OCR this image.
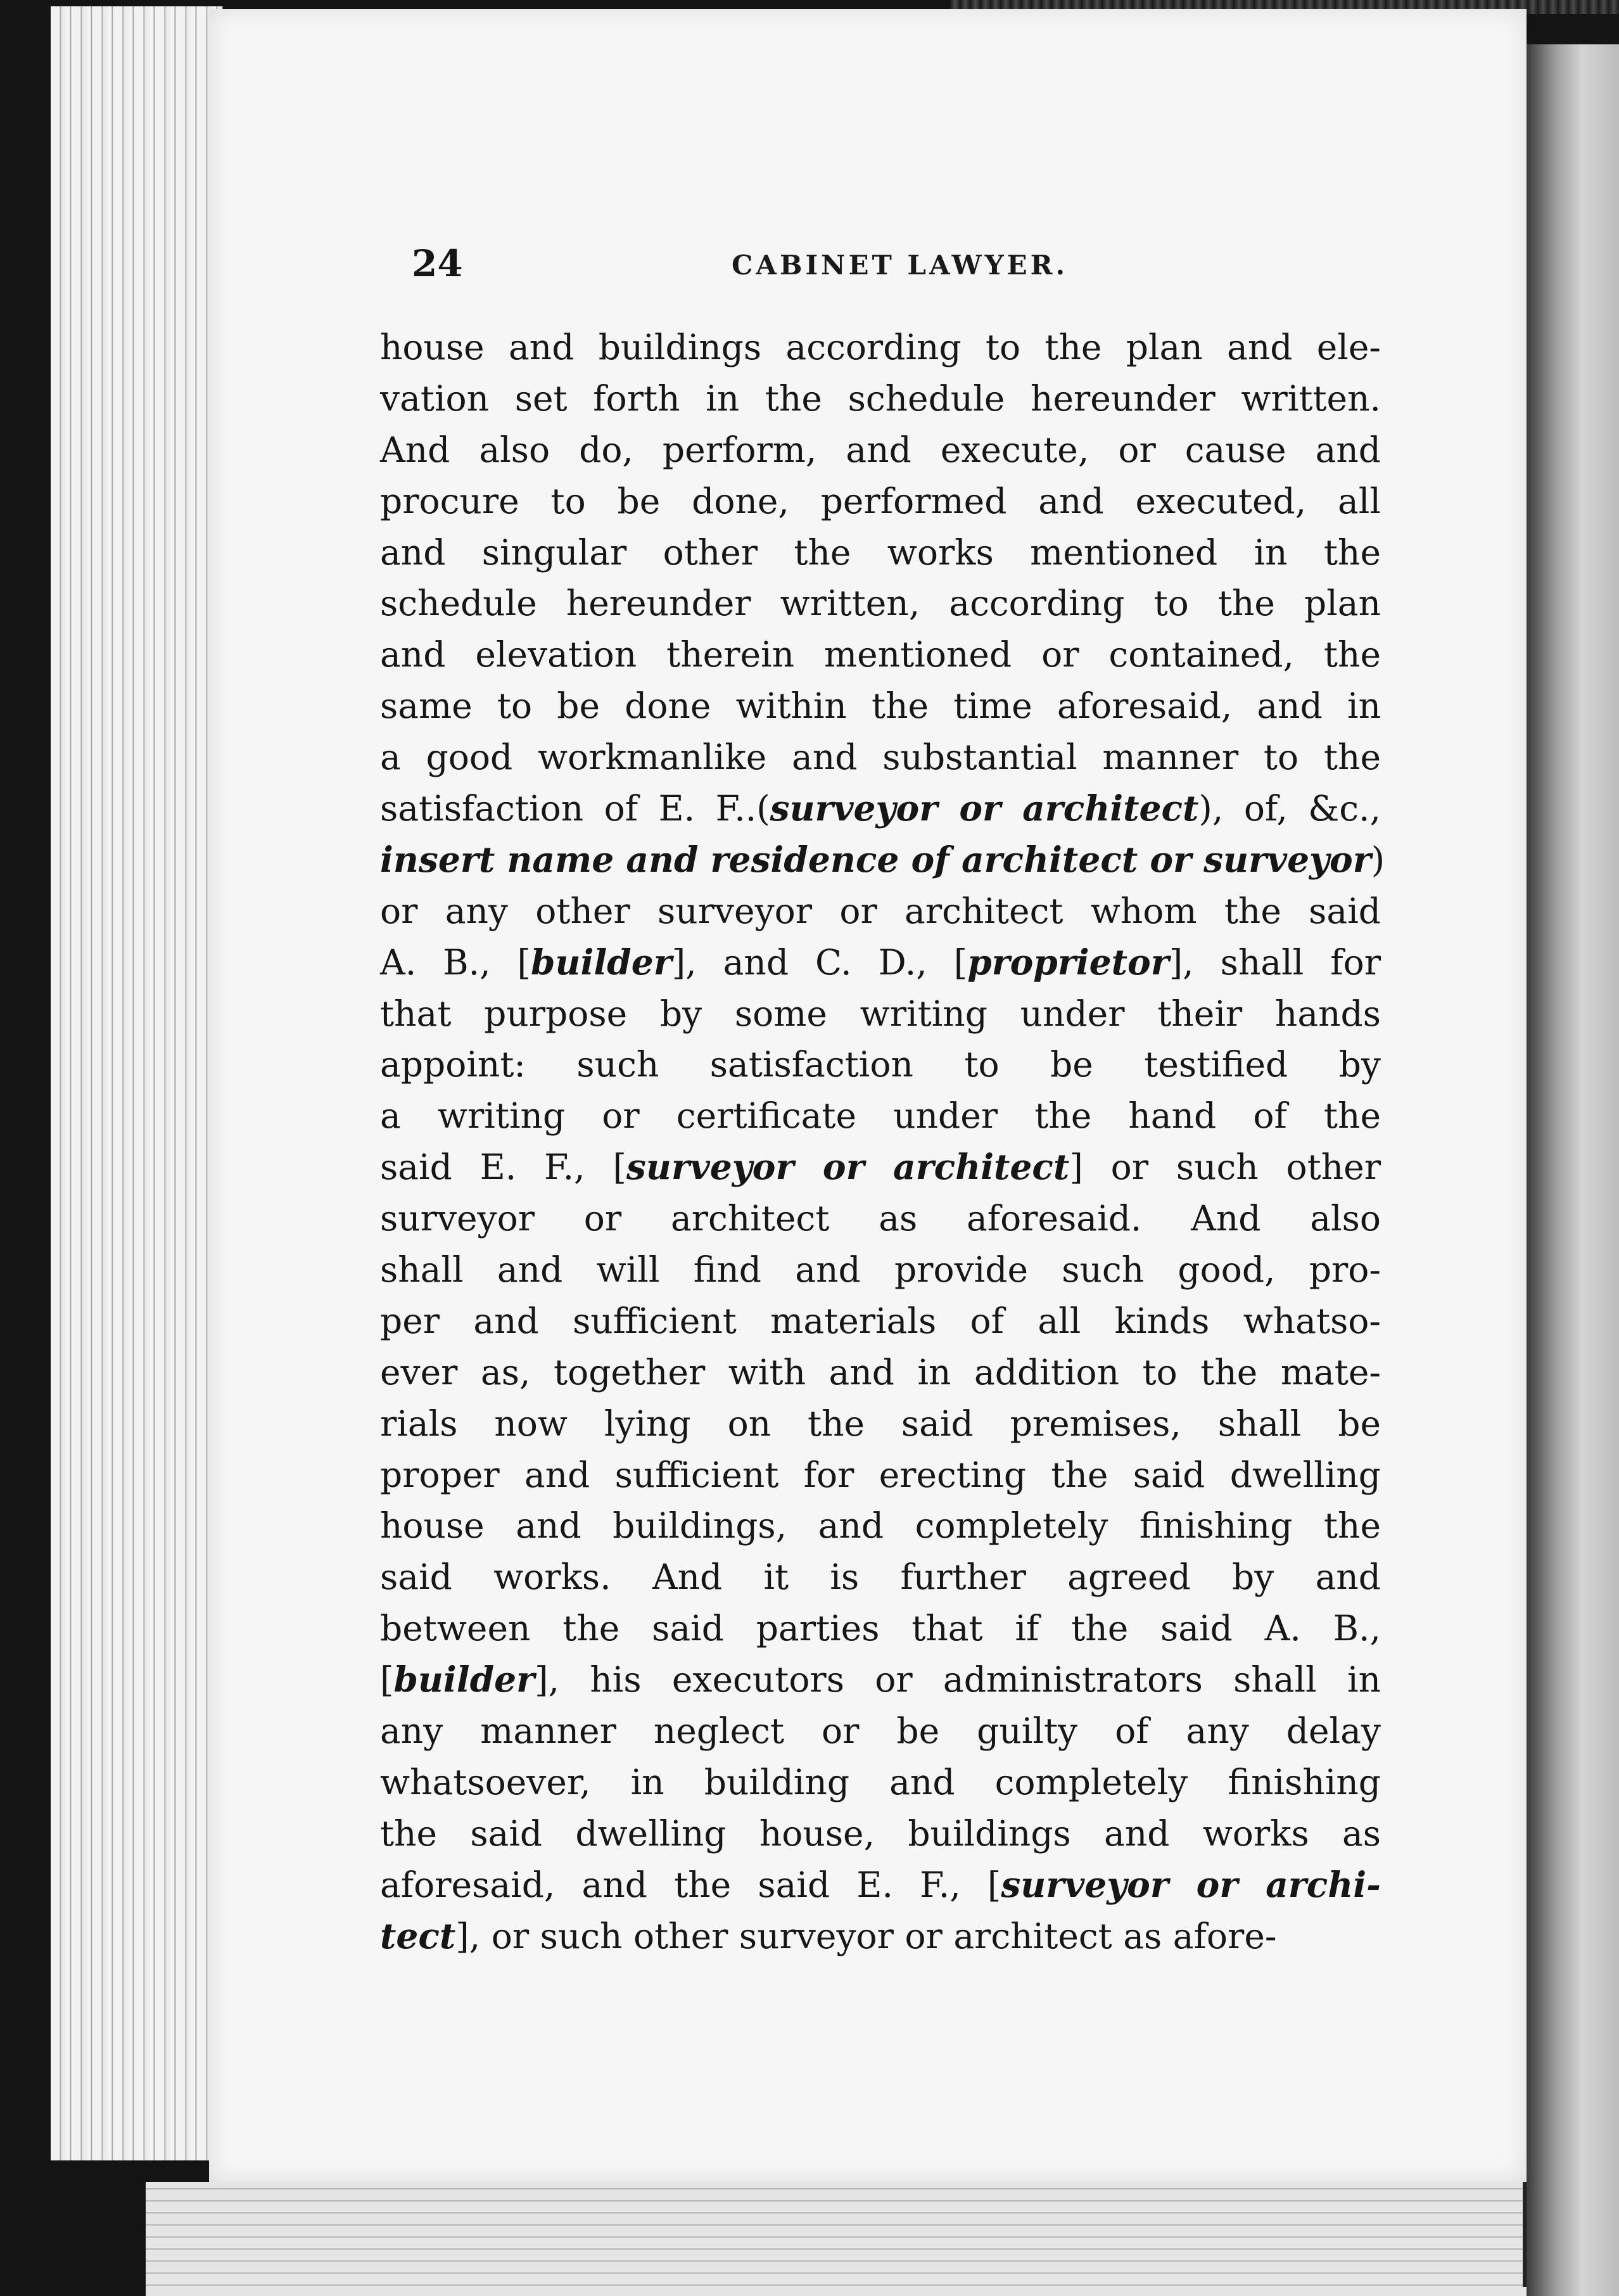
24	CABINET LAWYER.
house and buildings according to the plan and ele-
vation set forth in the schedule hereunder written.
And also do, perform, and execute, or cause and
procure to be done, performed and executed, all
and singular other the works mentioned in the
schedule hereunder written, according to the plan
and elevation therein mentioned or contained, the
same to be done within the time aforesaid, and in
a good workmanlike and substantial manner to the
satisfaction of E. F..(surveyor or architect), of, &c.,
insert name and residence of architect or surveyor)
or any other surveyor or architect whom the said
A. B., [builder], and C. D., [proprietor], shall for
that purpose by some writing under their hands
appoint: such satisfaction to be testified by
a writing or certificate under the hand of the
said E. F., [surveyor or architect] or such other
surveyor or architect as aforesaid. And also
shall and will find and provide such good, pro-
per and sufficient materials of all kinds whatso-
ever as, together with and in addition to the mate-
rials now lying on the said premises, shall be
proper and sufficient for erecting the said dwelling
house and buildings, and completely finishing the
said works. And it is further agreed by and
between the said parties that if the said A. B.,
[builder], his executors or administrators shall in
any manner neglect or be guilty of any delay
whatsoever, in building and completely finishing
the said dwelling house, buildings and works as
aforesaid, and the said E. F., [surveyor or archi-
tect], or such other surveyor or architect as afore-
